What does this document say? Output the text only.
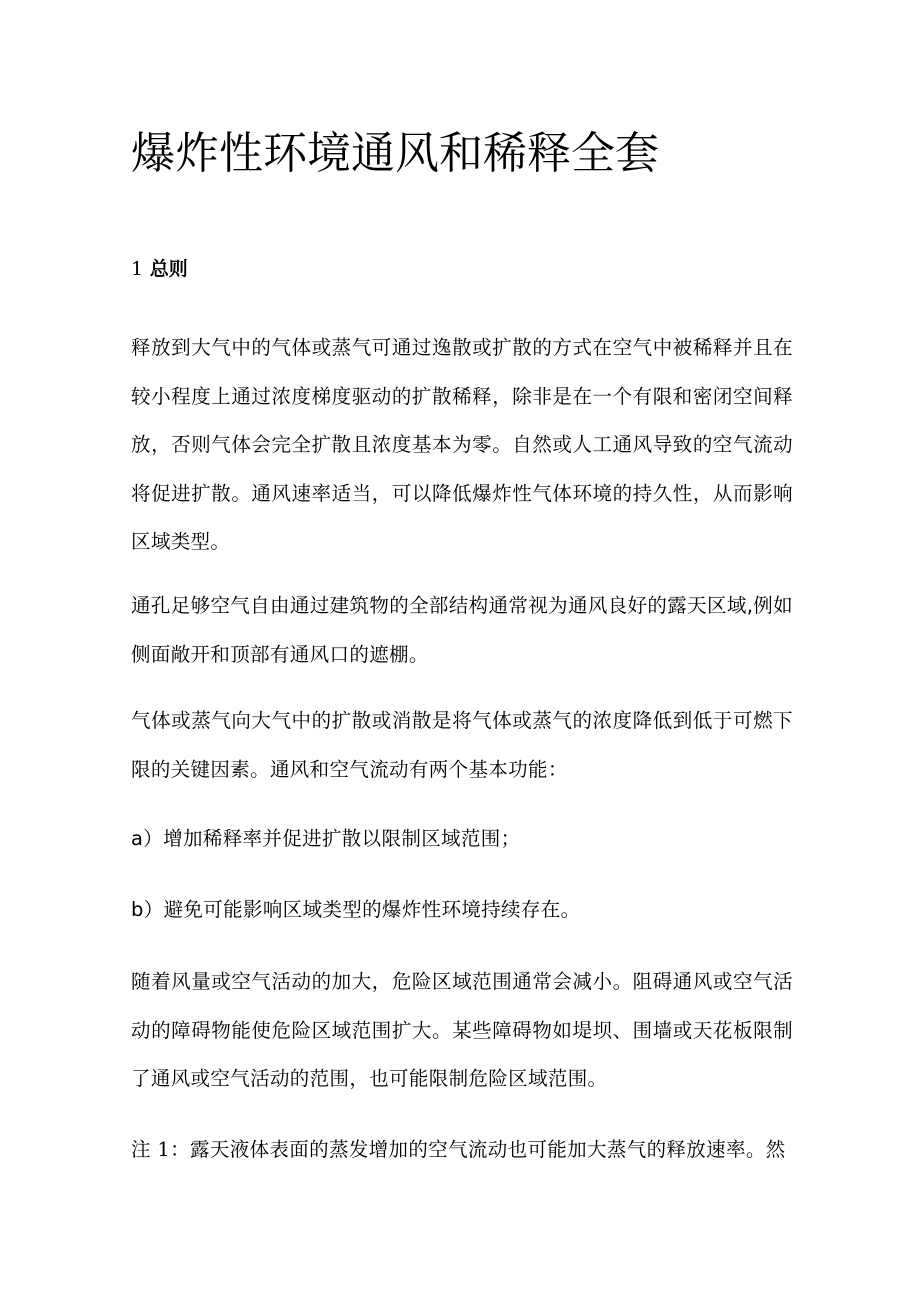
爆炸性环境通风和稀释全套
1 总则

释放到大气中的气体或蒸气可通过逸散或扩散的方式在空气中被稀释并且在较小程度上通过浓度梯度驱动的扩散稀释，除非是在一个有限和密闭空间释放，否则气体会完全扩散且浓度基本为零。自然或人工通风导致的空气流动将促进扩散。通风速率适当，可以降低爆炸性气体环境的持久性，从而影响区域类型。

通孔足够空气自由通过建筑物的全部结构通常视为通风良好的露天区域,例如侧面敞开和顶部有通风口的遮棚。

气体或蒸气向大气中的扩散或消散是将气体或蒸气的浓度降低到低于可燃下限的关键因素。通风和空气流动有两个基本功能：

a）增加稀释率并促进扩散以限制区域范围；

b）避免可能影响区域类型的爆炸性环境持续存在。

随着风量或空气活动的加大，危险区域范围通常会减小。阻碍通风或空气活动的障碍物能使危险区域范围扩大。某些障碍物如堤坝、围墙或天花板限制了通风或空气活动的范围，也可能限制危险区域范围。

注 1：露天液体表面的蒸发增加的空气流动也可能加大蒸气的释放速率。然
